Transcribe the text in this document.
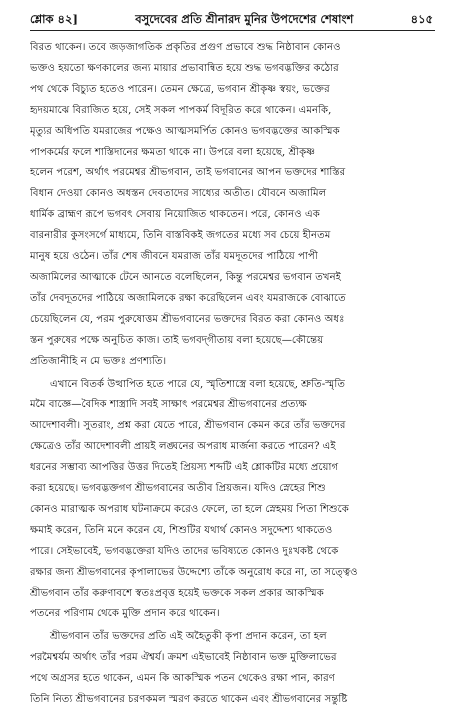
শ্লোক ৪২]	বসুদেবের প্রতি শ্রীনারদ মুনির উপদেশের শেষাংশ	৪১৫
বিরত থাকেন। তবে জড়জাগতিক প্রকৃতির প্রগুণ প্রভাবে শুদ্ধ নিষ্ঠাবান কোনও
ভক্তও হয়তো ক্ষণকালের জন্য মায়ার প্রভাবান্বিত হয়ে শুদ্ধ ভগবদ্ভক্তির কঠোর
পথ থেকে বিচ্যুত হতেও পারেন। তেমন ক্ষেত্রে, ভগবান শ্রীকৃষ্ণ স্বয়ং, ভক্তের
হৃদয়মাঝে বিরাজিত হয়ে, সেই সকল পাপকর্ম বিদূরিত করে থাকেন। এমনকি,
মৃত্যুর অধিপতি যমরাজের পক্ষেও আত্মসমর্পিত কোনও ভগবদ্ভক্তের আকস্মিক
পাপকর্মের ফলে শাস্তিদানের ক্ষমতা থাকে না। উপরে বলা হয়েছে, শ্রীকৃষ্ণ
হলেন পরেশ, অর্থাৎ পরমেশ্বর শ্রীভগবান, তাই ভগবানের আপন ভক্তদের শাস্তির
বিধান দেওয়া কোনও অধস্তন দেবতাদের সাধ্যের অতীত। যৌবনে অজামিল
ধার্মিক ব্রাহ্মণ রূপে ভগবৎ সেবায় নিয়োজিত থাকতেন। পরে, কোনও এক
বারনারীর কুসংসর্গে মাধ্যমে, তিনি বাস্তবিকই জগতের মধ্যে সব চেয়ে হীনতম
মানুষ হয়ে ওঠেন। তাঁর শেষ জীবনে যমরাজ তাঁর যমদূতদের পাঠিয়ে পাপী
অজামিলের আত্মাকে টেনে আনতে বলেছিলেন, কিন্তু পরমেশ্বর ভগবান তখনই
তাঁর দেবদূতদের পাঠিয়ে অজামিলকে রক্ষা করেছিলেন এবং যমরাজকে বোঝাতে
চেয়েছিলেন যে, পরম পুরুষোত্তম শ্রীভগবানের ভক্তদের বিরত করা কোনও অধঃ
স্তন পুরুষের পক্ষে অনুচিত কাজ। তাই ভগবদ্‌গীতায় বলা হয়েছে—কৌন্তেয়
প্রতিজানীহি ন মে ভক্তঃ প্রণশ্যতি।
এখানে বিতর্ক উত্থাপিত হতে পারে যে, স্মৃতিশাস্ত্রে বলা হয়েছে, শ্রুতি-স্মৃতি
মমৈ বাজ্ঞে—বৈদিক শাস্ত্রাদি সবই সাক্ষাৎ পরমেশ্বর শ্রীভগবানের প্রত্যক্ষ
আদেশাবলী। সুতরাং, প্রশ্ন করা যেতে পারে, শ্রীভগবান কেমন করে তাঁর ভক্তদের
ক্ষেত্রেও তাঁর আদেশাবলী প্রায়ই লঙ্ঘনের অপরাধ মার্জনা করতে পারেন? এই
ধরনের সম্ভাব্য আপত্তির উত্তর দিতেই প্রিয়স্য শব্দটি এই শ্লোকটির মধ্যে প্রয়োগ
করা হয়েছে। ভগবদ্ভক্তগণ শ্রীভগবানের অতীব প্রিয়জন। যদিও স্নেহের শিশু
কোনও মারাত্মক অপরাধ ঘটনাক্রমে করেও ফেলে, তা হলে স্নেহময় পিতা শিশুকে
ক্ষমাই করেন, তিনি মনে করেন যে, শিশুটির যথার্থ কোনও সদুদ্দেশ্য থাকতেও
পারে। সেইভাবেই, ভগবদ্ভক্তেরা যদিও তাদের ভবিষ্যতে কোনও দুঃখকষ্ট থেকে
রক্ষার জন্য শ্রীভগবানের কৃপালাভের উদ্দেশ্যে তাঁকে অনুরোধ করে না, তা সত্ত্বেও
শ্রীভগবান তাঁর করুণাবশে স্বতঃপ্রবৃত্ত হয়েই ভক্তকে সকল প্রকার আকস্মিক
পতনের পরিণাম থেকে মুক্তি প্রদান করে থাকেন।
শ্রীভগবান তাঁর ভক্তদের প্রতি এই অহৈতুকী কৃপা প্রদান করেন, তা হল
পরমৈশ্বর্যম অর্থাৎ তাঁর পরম ঐশ্বর্য। ক্রমশ এইভাবেই নিষ্ঠাবান ভক্ত মুক্তিলাভের
পথে অগ্রসর হতে থাকেন, এমন কি আকস্মিক পতন থেকেও রক্ষা পান, কারণ
তিনি নিত্য শ্রীভগবানের চরণকমল স্মরণ করতে থাকেন এবং শ্রীভগবানের সন্তুষ্টি
